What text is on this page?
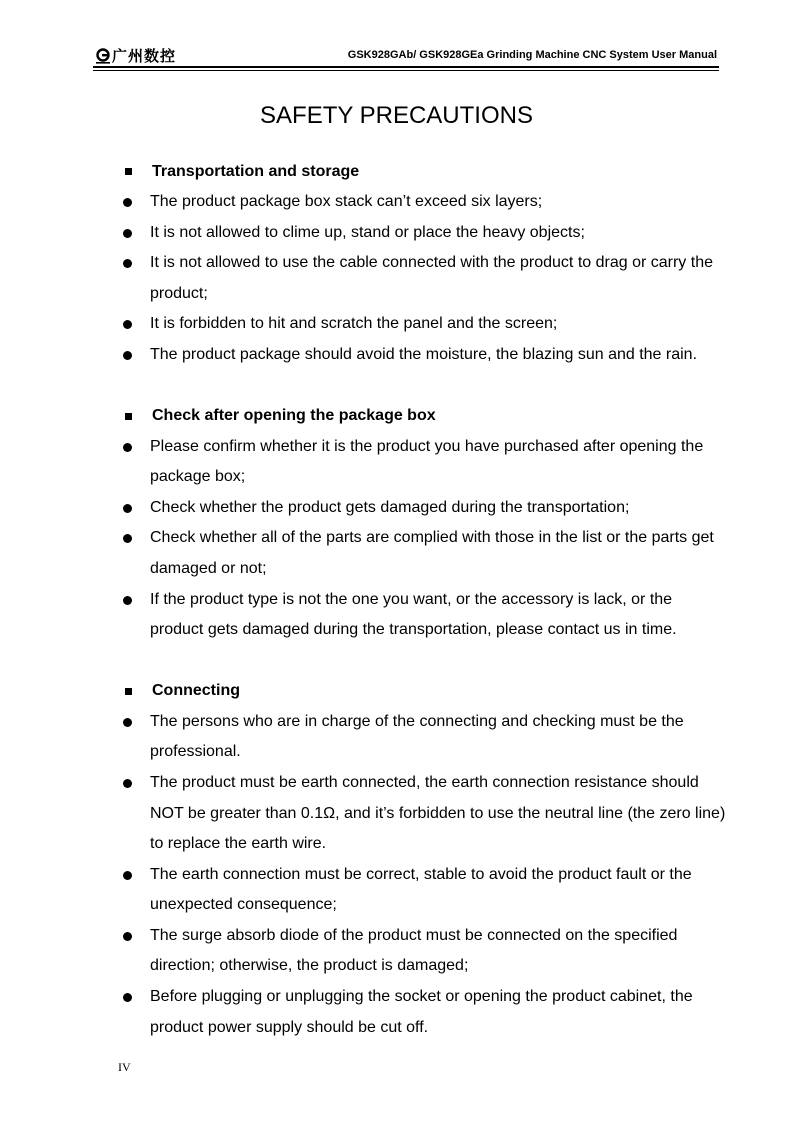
广州数控	GSK928GAb/ GSK928GEa Grinding Machine CNC System User Manual
SAFETY PRECAUTIONS
Transportation and storage
The product package box stack can’t exceed six layers;
It is not allowed to clime up, stand or place the heavy objects;
It is not allowed to use the cable connected with the product to drag or carry the product;
It is forbidden to hit and scratch the panel and the screen;
The product package should avoid the moisture, the blazing sun and the rain.
Check after opening the package box
Please confirm whether it is the product you have purchased after opening the package box;
Check whether the product gets damaged during the transportation;
Check whether all of the parts are complied with those in the list or the parts get damaged or not;
If the product type is not the one you want, or the accessory is lack, or the product gets damaged during the transportation, please contact us in time.
Connecting
The persons who are in charge of the connecting and checking must be the professional.
The product must be earth connected, the earth connection resistance should NOT be greater than 0.1Ω, and it’s forbidden to use the neutral line (the zero line) to replace the earth wire.
The earth connection must be correct, stable to avoid the product fault or the unexpected consequence;
The surge absorb diode of the product must be connected on the specified direction; otherwise, the product is damaged;
Before plugging or unplugging the socket or opening the product cabinet, the product power supply should be cut off.
IV
